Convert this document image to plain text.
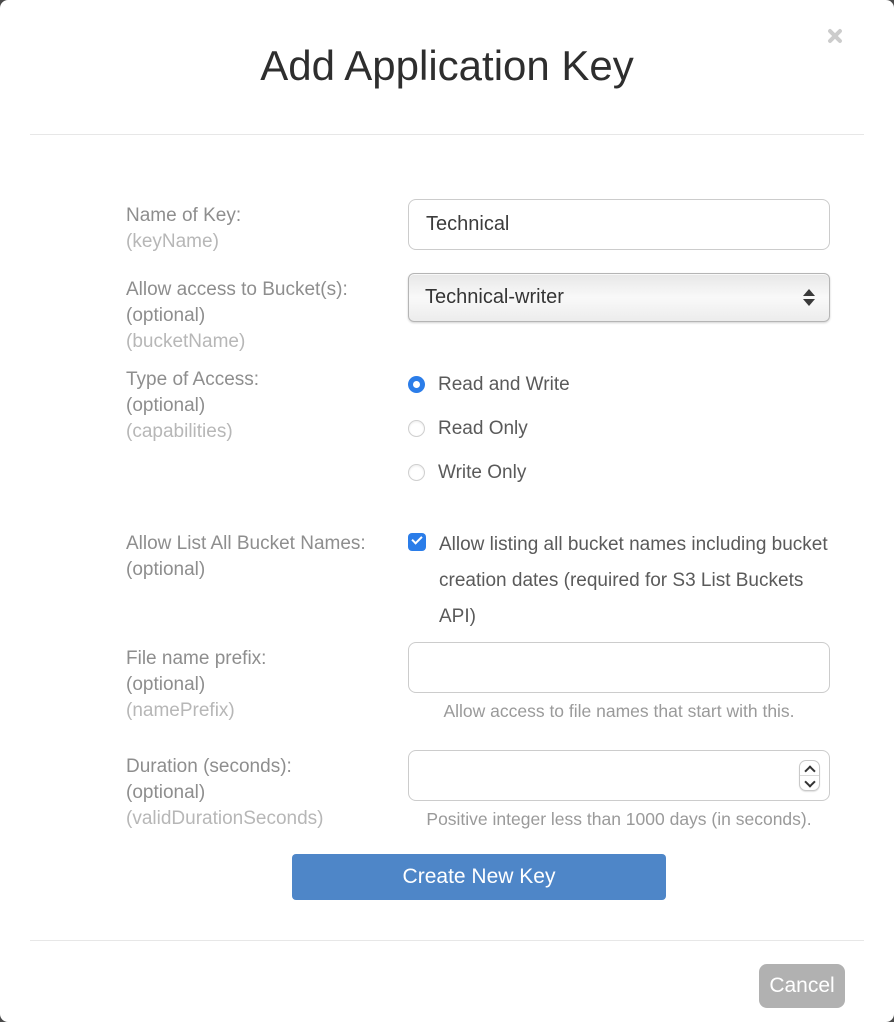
Add Application Key
Name of Key:
(keyName)
Technical
Allow access to Bucket(s):
(optional)
(bucketName)
Technical-writer
Type of Access:
(optional)
(capabilities)
Read and Write
Read Only
Write Only
Allow List All Bucket Names:
(optional)
Allow listing all bucket names including bucket creation dates (required for S3 List Buckets API)
File name prefix:
(optional)
(namePrefix)	Allow access to file names that start with this.
Duration (seconds):
(optional)
(validDurationSeconds)	Positive integer less than 1000 days (in seconds).
Create New Key
Cancel
